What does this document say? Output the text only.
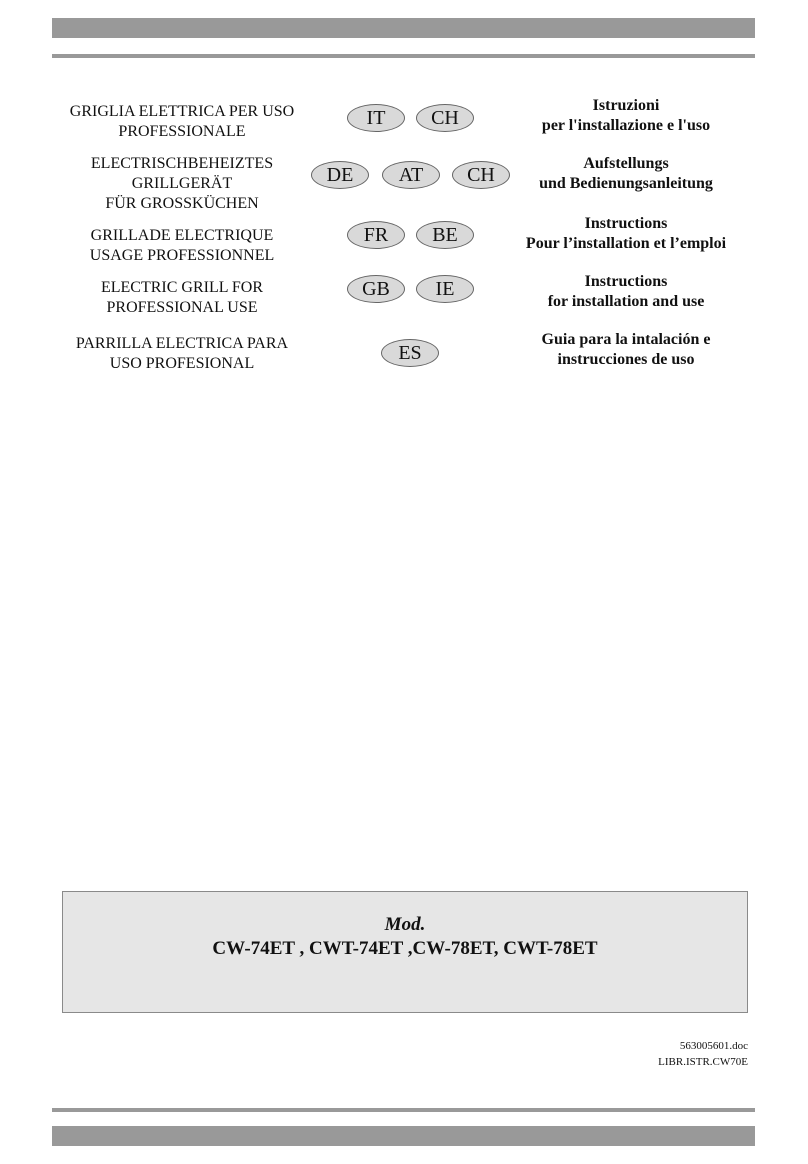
GRIGLIA ELETTRICA PER USO
PROFESSIONALE
IT	CH
Istruzioni
per l'installazione e l'uso
ELECTRISCHBEHEIZTES
GRILLGERÄT
FÜR GROSSKÜCHEN
DE	AT	CH
Aufstellungs
und Bedienungsanleitung
GRILLADE ELECTRIQUE
USAGE PROFESSIONNEL
FR	BE
Instructions
Pour l’installation et l’emploi
ELECTRIC GRILL FOR
PROFESSIONAL USE
GB	IE	Instructions
for installation and use
PARRILLA ELECTRICA PARA
USO PROFESIONAL	ES
Guia para la intalación e
instrucciones de uso
Mod.
CW-74ET , CWT-74ET ,CW-78ET, CWT-78ET
563005601.doc
LIBR.ISTR.CW70E
